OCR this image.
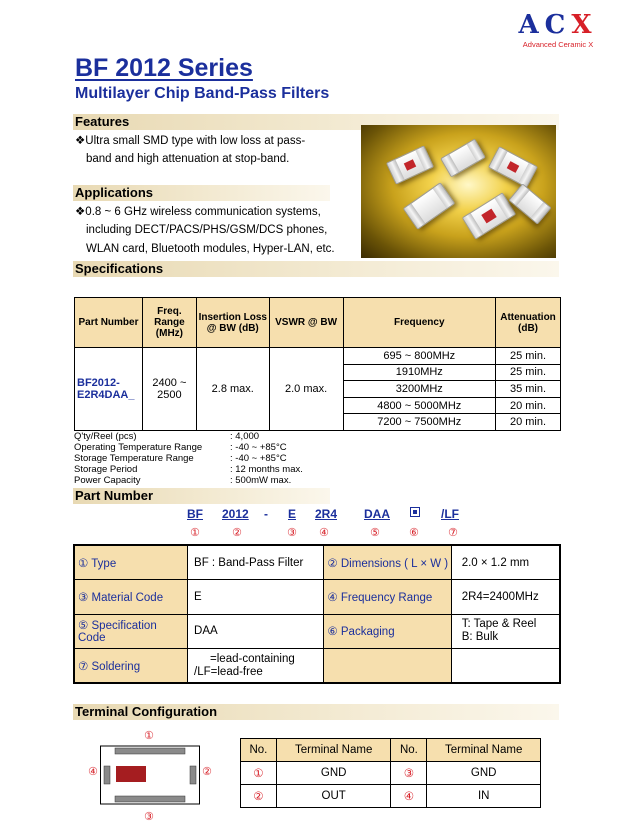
ACX
Advanced Ceramic X
BF 2012 Series
Multilayer Chip Band-Pass Filters
Features
❖Ultra small SMD type with low loss at pass-
band and high attenuation at stop-band.
Applications
❖0.8 ~ 6 GHz wireless communication systems,
including DECT/PACS/PHS/GSM/DCS phones,
WLAN card, Bluetooth modules, Hyper-LAN, etc.
Specifications
Part Number	Freq. Range (MHz)	Insertion Loss @ BW (dB)	VSWR @ BW	Frequency	Attenuation (dB)
BF2012-E2R4DAA_	2400 ~ 2500	2.8 max.	2.0 max.	695 ~ 800MHz	25 min.
				1910MHz	25 min.
				3200MHz	35 min.
				4800 ~ 5000MHz	20 min.
				7200 ~ 7500MHz	20 min.
Q'ty/Reel (pcs)	: 4,000
Operating Temperature Range	: -40 ~ +85°C
Storage Temperature Range	: -40 ~ +85°C
Storage Period	: 12 months max.
Power Capacity	: 500mW max.
Part Number
BF 2012 - E 2R4 DAA	/LF
①	②	③ ④	⑤	⑥	⑦
① Type	BF : Band-Pass Filter	② Dimensions ( L × W )	2.0 × 1.2 mm
③ Material Code	E	④ Frequency Range	2R4=2400MHz
⑤ Specification Code	DAA	⑥ Packaging	T: Tape & Reel
B: Bulk

⑦ Soldering	=lead-containing
/LF=lead-free		

Terminal Configuration
①
④	②
③
No.	Terminal Name	No.	Terminal Name
①	GND	③	GND
②	OUT	④	IN
